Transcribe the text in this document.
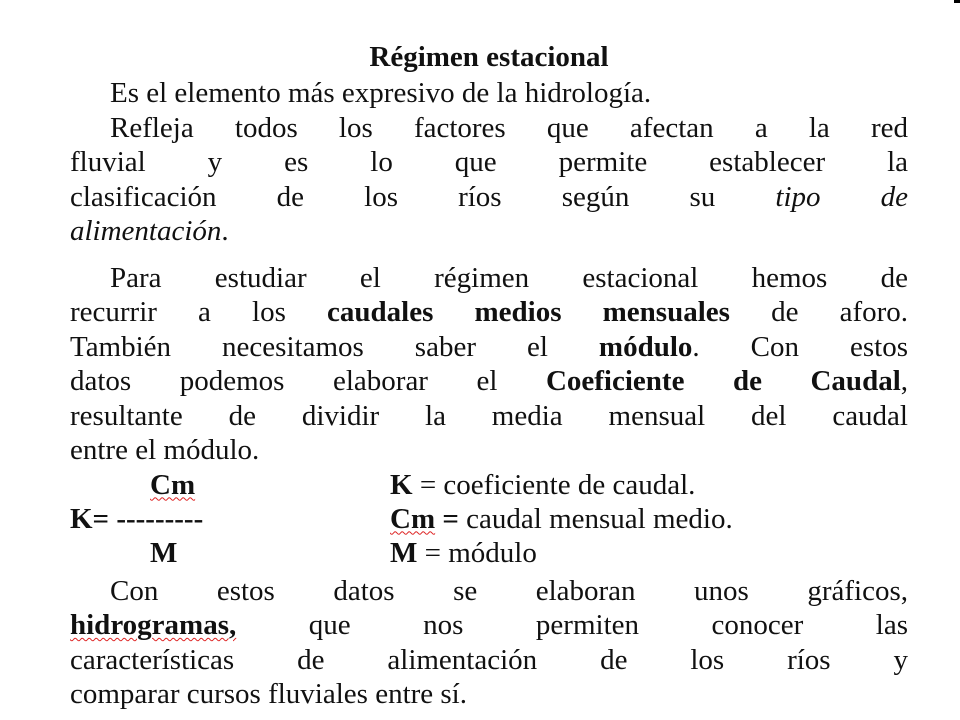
Régimen estacional

Es el elemento más expresivo de la hidrología.

Refleja todos los factores que afectan a la red
fluvial y es lo que permite establecer la
clasificación de los ríos según su tipo de
alimentación.

Para estudiar el régimen estacional hemos de
recurrir a los caudales medios mensuales de aforo.
También necesitamos saber el módulo. Con estos
datos podemos elaborar el Coeficiente de Caudal,
resultante de dividir la media mensual del caudal
entre el módulo.

Cm
K= ---------
M
K = coeficiente de caudal.
Cm = caudal mensual medio.
M = módulo

Con estos datos se elaboran unos gráficos,
hidrogramas,	que nos permiten conocer las
características de alimentación de los ríos y
comparar cursos fluviales entre sí.
